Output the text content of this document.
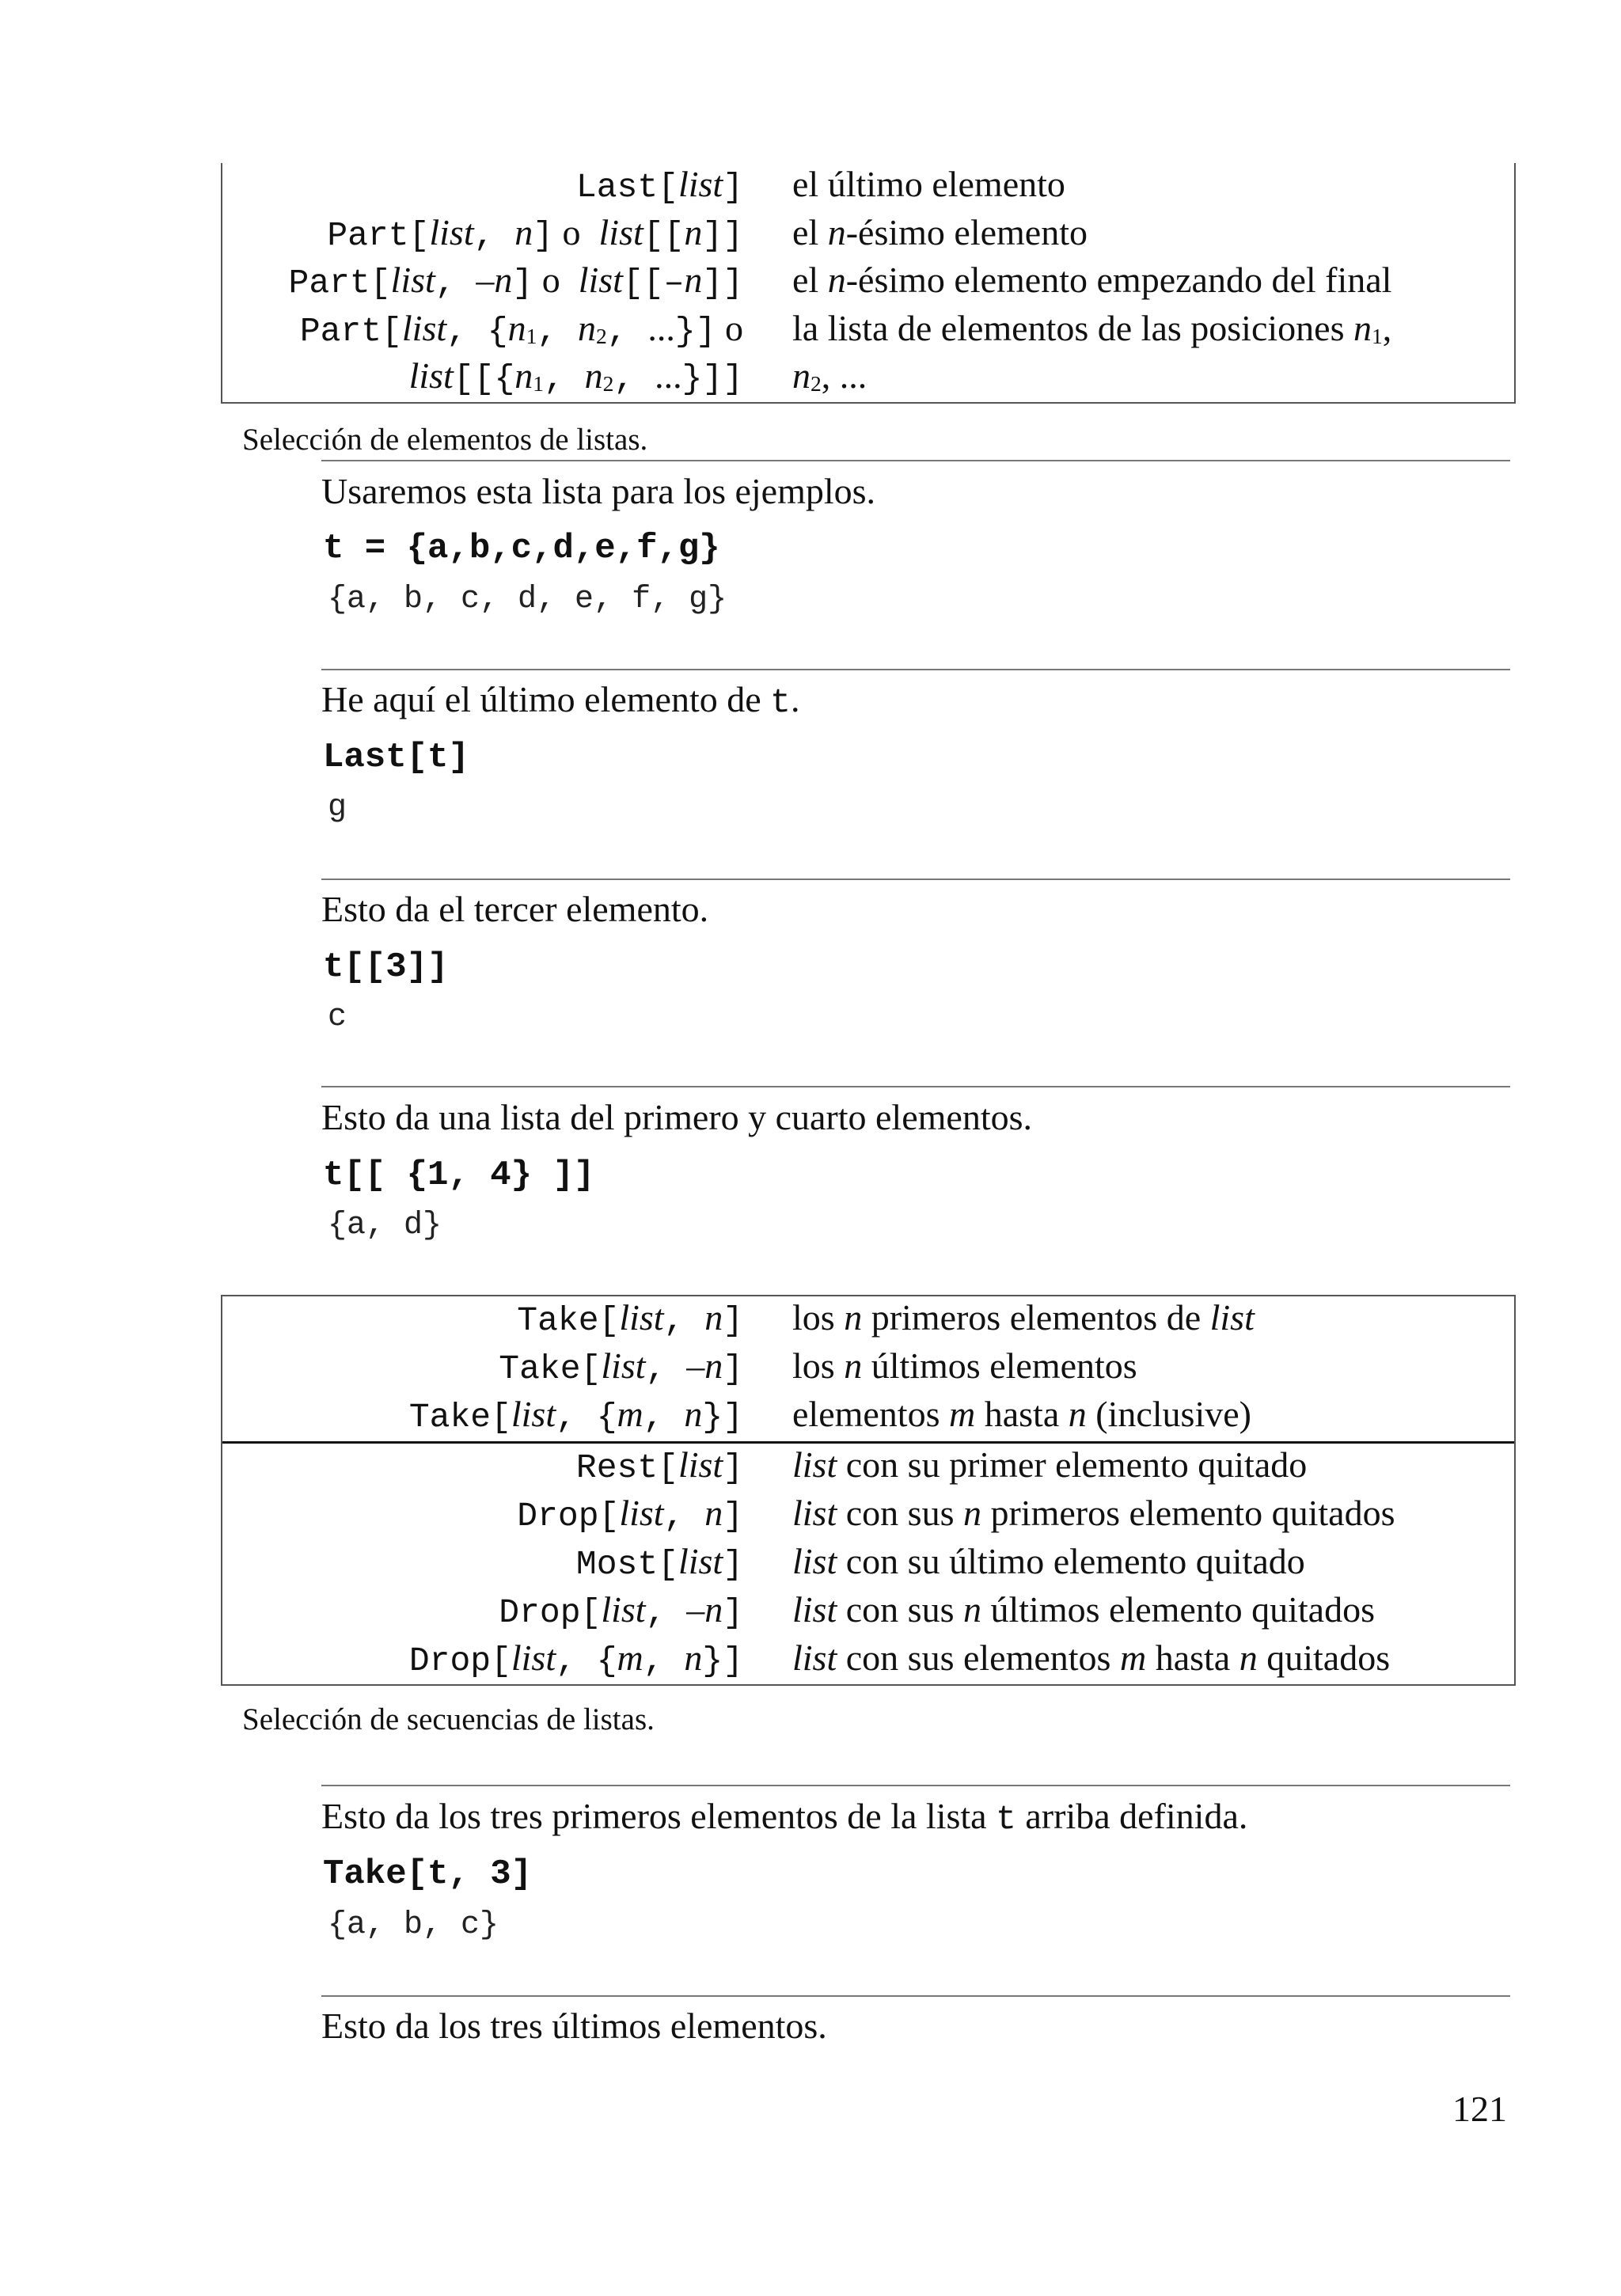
Last[list] el último elemento
Part[list, n] o list[[n]] el n-ésimo elemento
Part[list, –n] o list[[–n]] el n-ésimo elemento empezando del final
Part[list, {$n_1$, $n_2$, ...}] o la lista de elementos de las posiciones $n_1$,
$list[[\{n_1$, $n_2$, ...}]] $n_2$, ...
Selección de elementos de listas.
Usaremos esta lista para los ejemplos.
t = {a,b,c,d,e,f,g}
{a, b, c, d, e, f, g}
He aquí el último elemento de t.
Last[t]
g
Esto da el tercer elemento.
t[[3]]
c
Esto da una lista del primero y cuarto elementos.
t[[ {1, 4} ]]
{a, d}
Take[list, n] los n primeros elementos de list
Take[list, –n] los n últimos elementos
Take[list, {m, n}] elementos m hasta n (inclusive)
Rest[list] list con su primer elemento quitado
Drop[list, n] list con sus n primeros elemento quitados
Most[list] list con su último elemento quitado
Drop[list, –n] list con sus n últimos elemento quitados
Drop[list, {m, n}] list con sus elementos m hasta n quitados
Selección de secuencias de listas.
Esto da los tres primeros elementos de la lista t arriba definida.
Take[t, 3]
{a, b, c}
Esto da los tres últimos elementos.
121
